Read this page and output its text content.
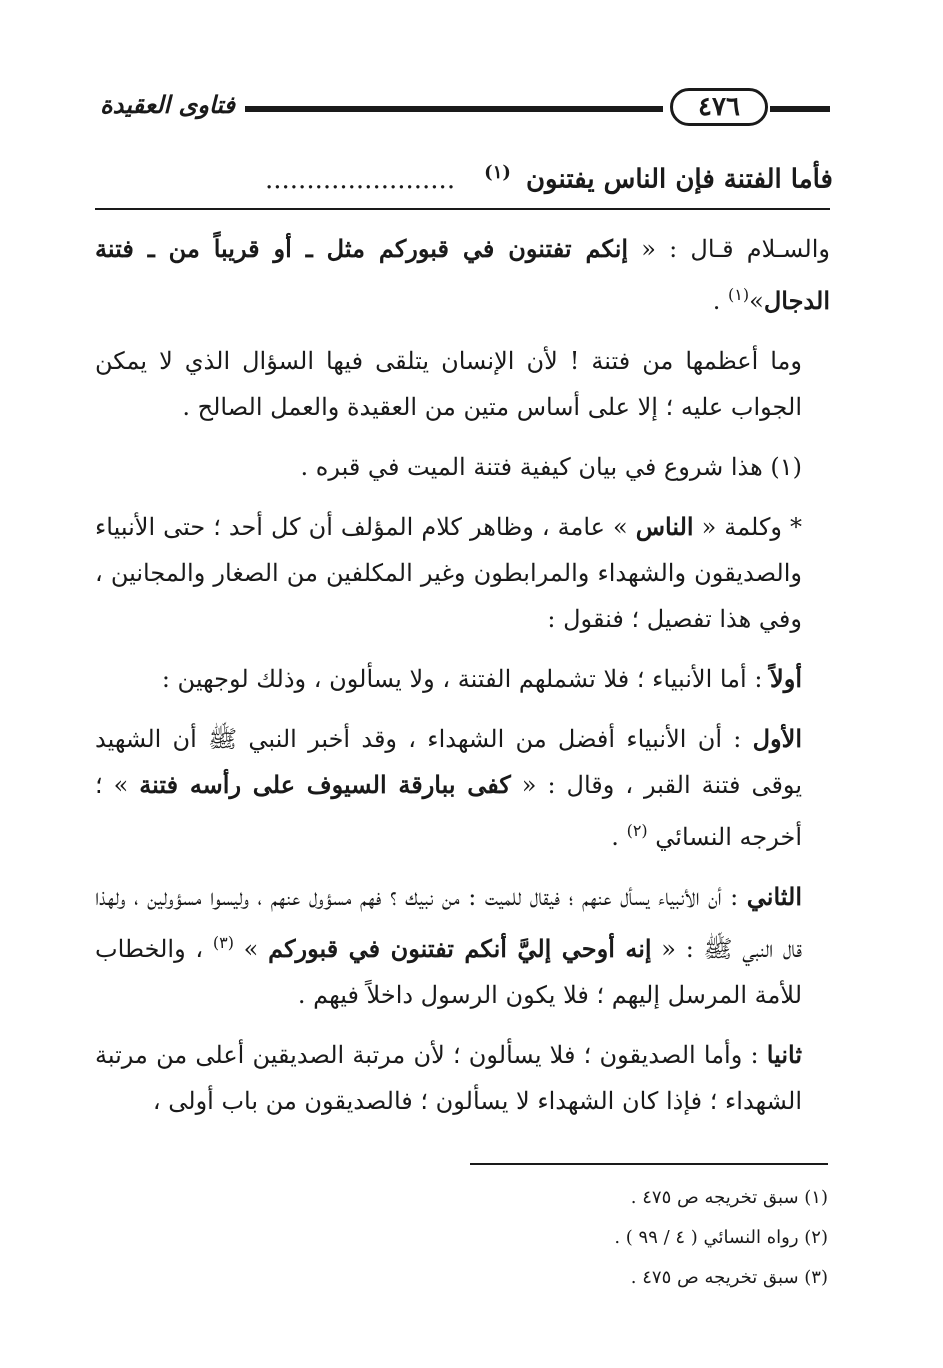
٤٧٦
فتاوى العقيدة
فأما الفتنة فإن الناس يفتنون $^{(١)}$ .......................
والسـلام قـال : « إنكم تفتنون في قبوركم مثل ـ أو قريباً من ـ فتنة الدجال»$^{(١)}$ .
وما أعظمها من فتنة ! لأن الإنسان يتلقى فيها السؤال الذي لا يمكن الجواب عليه ؛ إلا على أساس متين من العقيدة والعمل الصالح .
(١) هذا شروع في بيان كيفية فتنة الميت في قبره .
* وكلمة « الناس » عامة ، وظاهر كلام المؤلف أن كل أحد ؛ حتى الأنبياء والصديقون والشهداء والمرابطون وغير المكلفين من الصغار والمجانين ، وفي هذا تفصيل ؛ فنقول :
أولاً : أما الأنبياء ؛ فلا تشملهم الفتنة ، ولا يسألون ، وذلك لوجهين :
الأول : أن الأنبياء أفضل من الشهداء ، وقد أخبر النبي ﷺ أن الشهيد يوقى فتنة القبر ، وقال : « كفى ببارقة السيوف على رأسه فتنة » ؛ أخرجه النسائي $^{(٢)}$ .
الثاني : أن الأنبياء يسأل عنهم ؛ فيقال للميت : من نبيك ؟ فهم مسؤول عنهم ، وليسوا مسؤولين ، ولهذا قال النبي ﷺ : « إنه أوحي إليَّ أنكم تفتنون في قبوركم » $^{(٣)}$ ، والخطاب للأمة المرسل إليهم ؛ فلا يكون الرسول داخلاً فيهم .
ثانيا : وأما الصديقون ؛ فلا يسألون ؛ لأن مرتبة الصديقين أعلى من مرتبة الشهداء ؛ فإذا كان الشهداء لا يسألون ؛ فالصديقون من باب أولى ،
(١) سبق تخريجه ص ٤٧٥ .
(٢) رواه النسائي ( ٤ / ٩٩ ) .
(٣) سبق تخريجه ص ٤٧٥ .
